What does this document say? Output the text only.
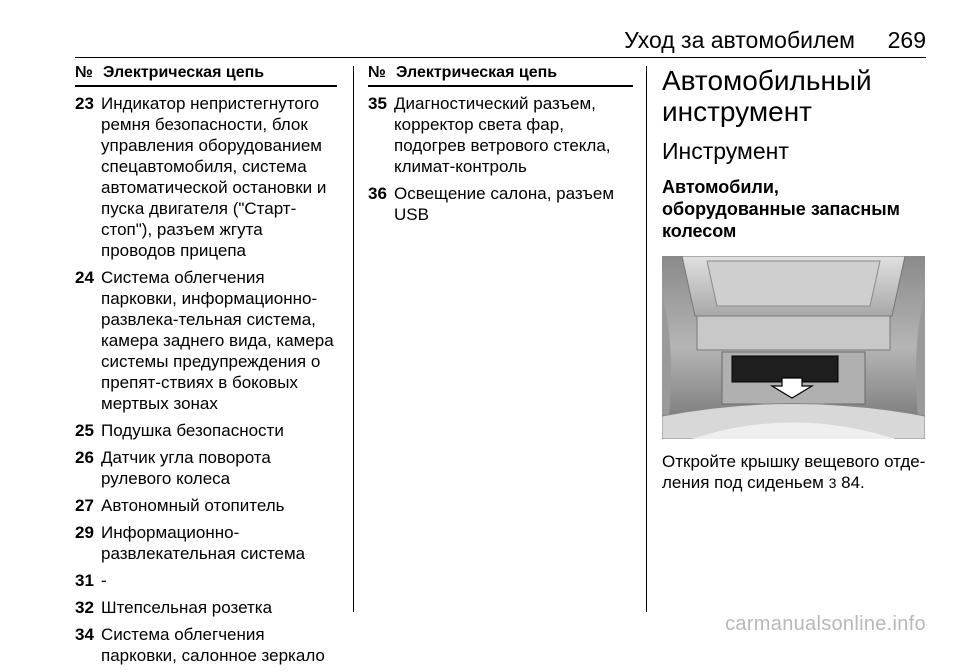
Уход за автомобилем 269
№ Электрическая цепь
23 Индикатор непристегнутого ремня безопасности, блок управления оборудованием спецавтомобиля, система автоматической остановки и пуска двигателя ("Старт-стоп"), разъем жгута проводов прицепа
24 Система облегчения парковки, информационно-развлека-тельная система, камера заднего вида, камера системы предупреждения о препят-ствиях в боковых мертвых зонах
25 Подушка безопасности
26 Датчик угла поворота рулевого колеса
27 Автономный отопитель
29 Информационно-развлекательная система
31 -
32 Штепсельная розетка
34 Система облегчения парковки, салонное зеркало
№ Электрическая цепь
35 Диагностический разъем, корректор света фар, подогрев ветрового стекла, климат-контроль
36 Освещение салона, разъем USB
Автомобильный инструмент
Инструмент
Автомобили, оборудованные запасным колесом
Откройте крышку вещевого отде-ления под сиденьем 3 84.
carmanualsonline.info
